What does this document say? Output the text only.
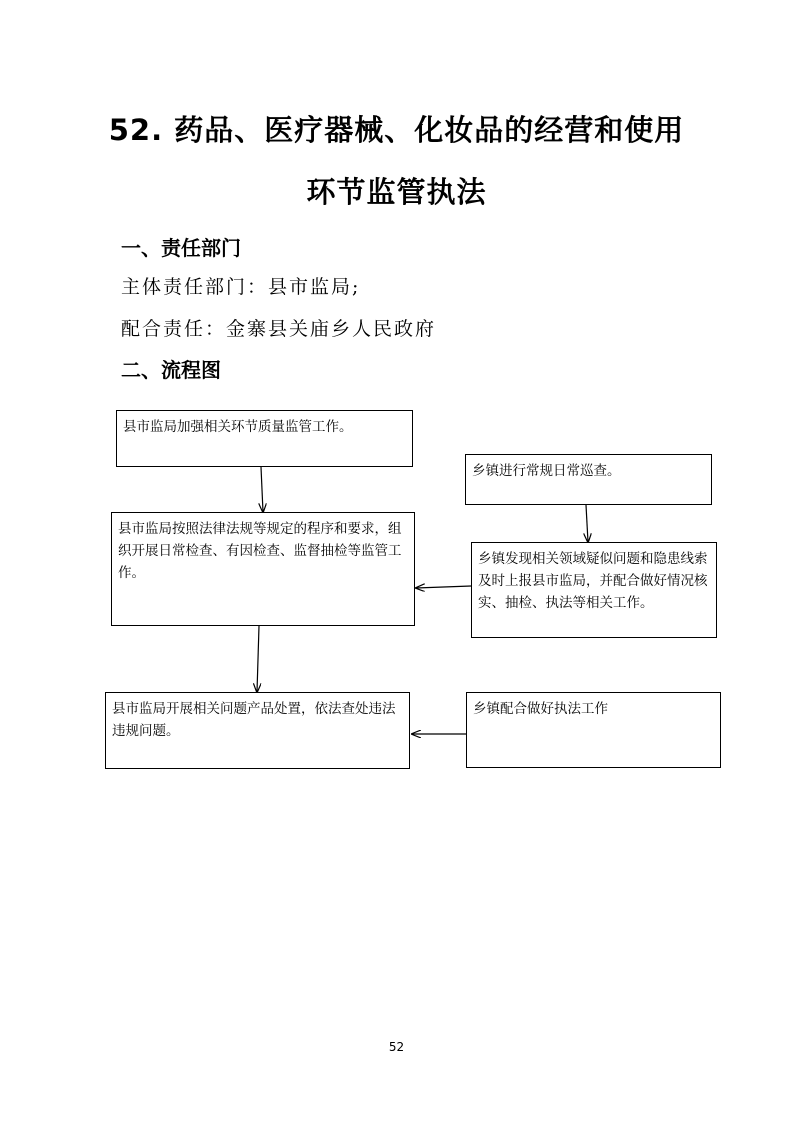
52. 药品、医疗器械、化妆品的经营和使用
环节监管执法
一、责任部门
主体责任部门：县市监局;
配合责任：金寨县关庙乡人民政府
二、流程图
县市监局加强相关环节质量监管工作。
乡镇进行常规日常巡查。
县市监局按照法律法规等规定的程序和要求，组织开展日常检查、有因检查、监督抽检等监管工作。
乡镇发现相关领域疑似问题和隐患线索及时上报县市监局，并配合做好情况核实、抽检、执法等相关工作。
县市监局开展相关问题产品处置，依法查处违法违规问题。
乡镇配合做好执法工作
52
